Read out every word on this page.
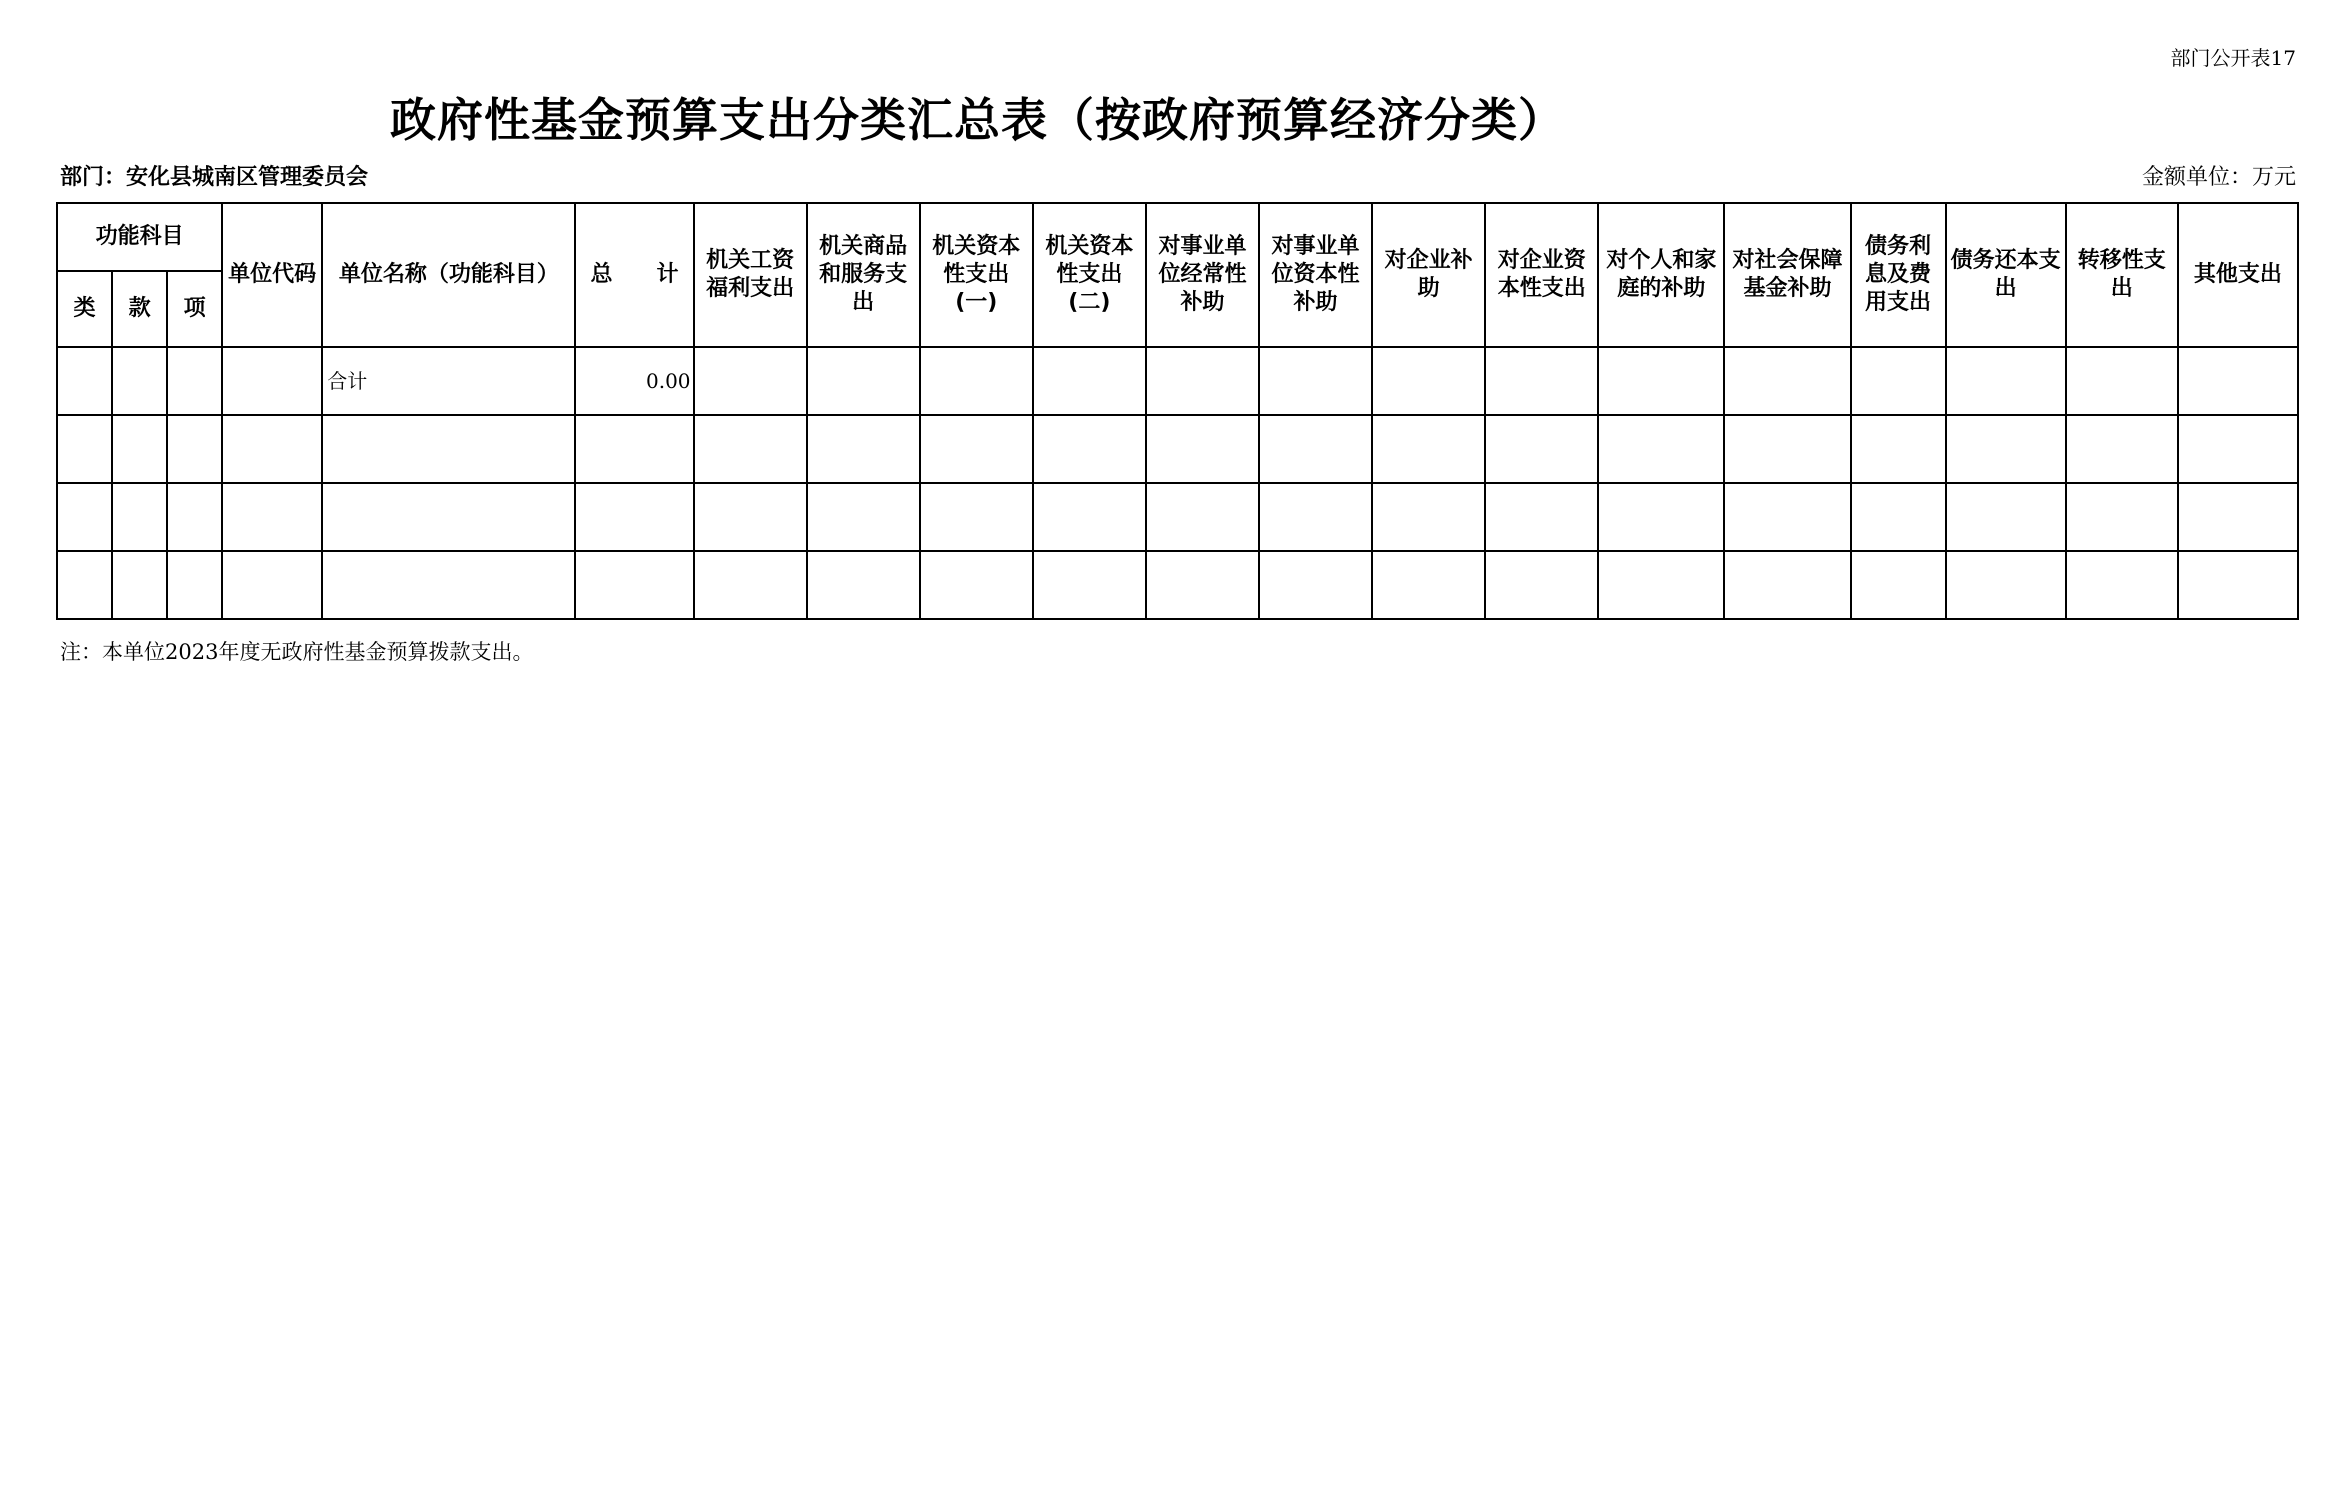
部门公开表17
政府性基金预算支出分类汇总表（按政府预算经济分类）
部门：安化县城南区管理委员会	金额单位：万元
功能科目			单位代码	单位名称（功能科目）	总　　计	机关工资福利支出	机关商品和服务支出	机关资本性支出(一)	机关资本性支出(二)	对事业单位经常性补助	对事业单位资本性补助	对企业补助	对企业资本性支出	对个人和家庭的补助	对社会保障基金补助	债务利息及费用支出	债务还本支出	转移性支出	其他支出
类	款	项																	
				合计	0.00														

注：本单位2023年度无政府性基金预算拨款支出。
